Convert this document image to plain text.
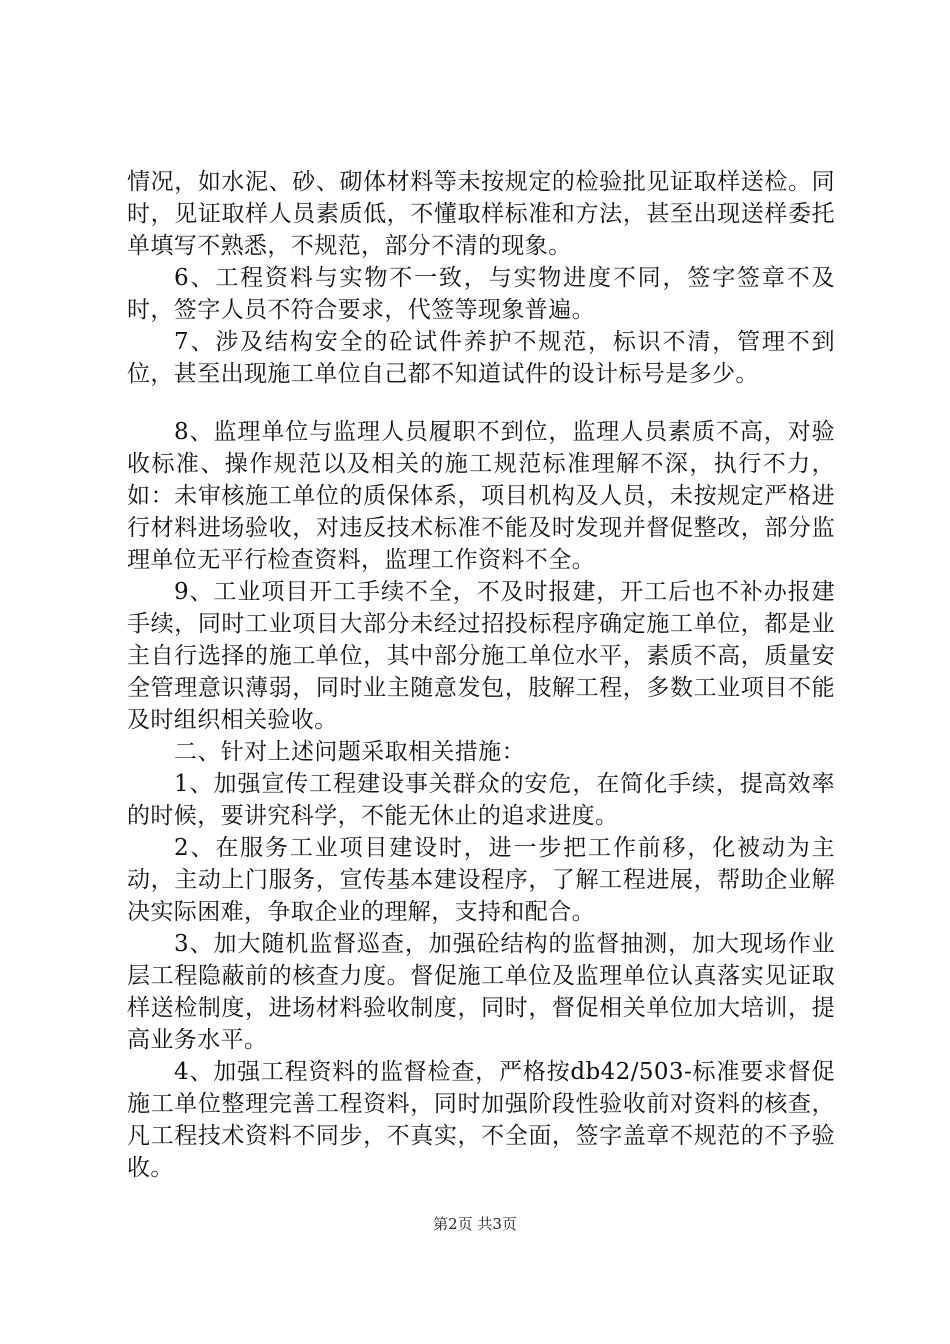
情况，如水泥、砂、砌体材料等未按规定的检验批见证取样送检。同时，见证取样人员素质低，不懂取样标准和方法，甚至出现送样委托单填写不熟悉，不规范，部分不清的现象。

6、工程资料与实物不一致，与实物进度不同，签字签章不及时，签字人员不符合要求，代签等现象普遍。

7、涉及结构安全的砼试件养护不规范，标识不清，管理不到位，甚至出现施工单位自己都不知道试件的设计标号是多少。

8、监理单位与监理人员履职不到位，监理人员素质不高，对验收标准、操作规范以及相关的施工规范标准理解不深，执行不力，如：未审核施工单位的质保体系，项目机构及人员，未按规定严格进行材料进场验收，对违反技术标准不能及时发现并督促整改，部分监理单位无平行检查资料，监理工作资料不全。

9、工业项目开工手续不全，不及时报建，开工后也不补办报建手续，同时工业项目大部分未经过招投标程序确定施工单位，都是业主自行选择的施工单位，其中部分施工单位水平，素质不高，质量安全管理意识薄弱，同时业主随意发包，肢解工程，多数工业项目不能及时组织相关验收。

二、针对上述问题采取相关措施：

1、加强宣传工程建设事关群众的安危，在简化手续，提高效率的时候，要讲究科学，不能无休止的追求进度。

2、在服务工业项目建设时，进一步把工作前移，化被动为主动，主动上门服务，宣传基本建设程序，了解工程进展，帮助企业解决实际困难，争取企业的理解，支持和配合。

3、加大随机监督巡查，加强砼结构的监督抽测，加大现场作业层工程隐蔽前的核查力度。督促施工单位及监理单位认真落实见证取样送检制度，进场材料验收制度，同时，督促相关单位加大培训，提高业务水平。

4、加强工程资料的监督检查，严格按db42/503-标准要求督促施工单位整理完善工程资料，同时加强阶段性验收前对资料的核查，凡工程技术资料不同步，不真实，不全面，签字盖章不规范的不予验收。

第2页 共3页
